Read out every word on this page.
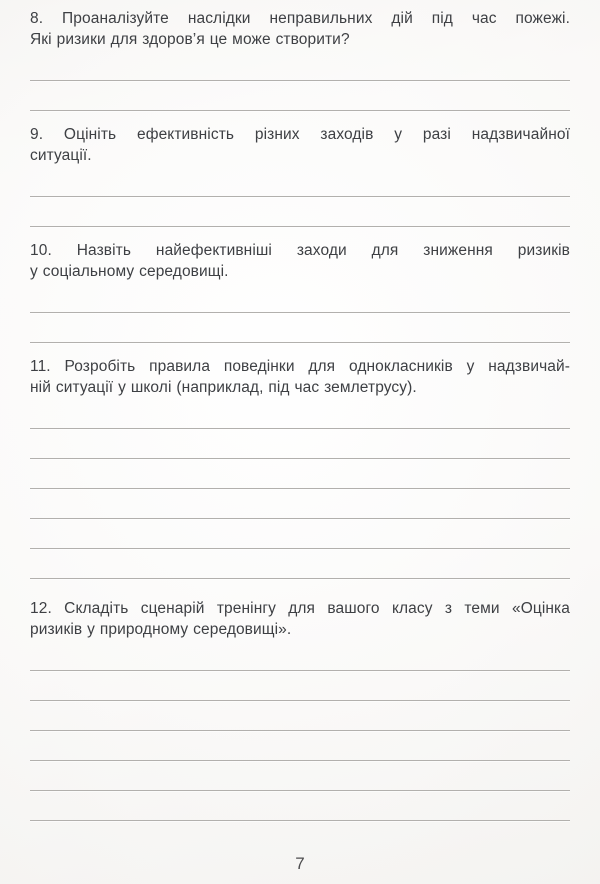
8. Проаналізуйте наслідки неправильних дій під час пожежі.
Які ризики для здоров’я це може створити?
9. Оцініть ефективність різних заходів у разі надзвичайної
ситуації.
10. Назвіть найефективніші заходи для зниження ризиків
у соціальному середовищі.
11. Розробіть правила поведінки для однокласників у надзвичай-
ній ситуації у школі (наприклад, під час землетрусу).
12. Складіть сценарій тренінгу для вашого класу з теми «Оцінка
ризиків у природному середовищі».
7
